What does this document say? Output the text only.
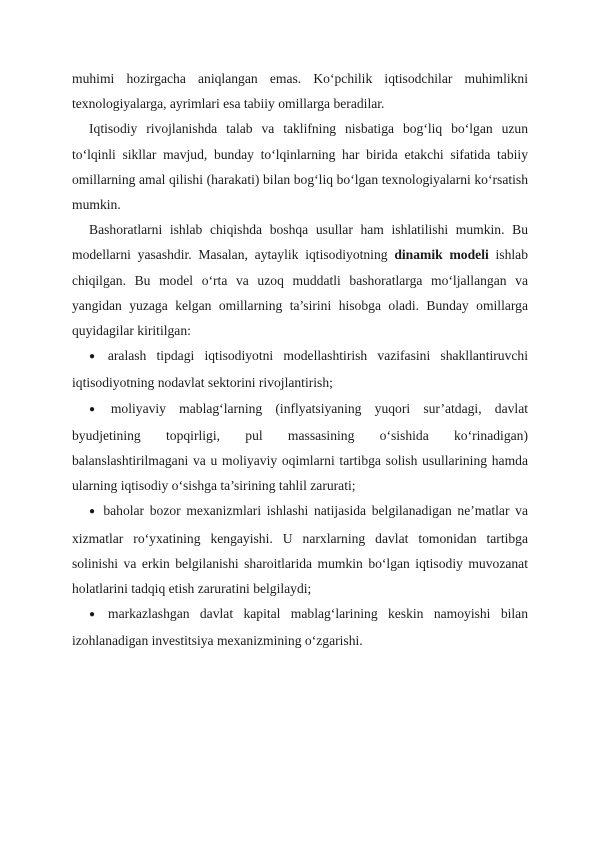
muhimi hozirgacha aniqlangan emas. Ko‘pchilik iqtisodchilar muhimlikni texnologiyalarga, ayrimlari esa tabiiy omillarga beradilar.

Iqtisodiy rivojlanishda talab va taklifning nisbatiga bog‘liq bo‘lgan uzun to‘lqinli sikllar mavjud, bunday to‘lqinlarning har birida etakchi sifatida tabiiy omillarning amal qilishi (harakati) bilan bog‘liq bo‘lgan texnologiyalarni ko‘rsatish mumkin.

Bashoratlarni ishlab chiqishda boshqa usullar ham ishlatilishi mumkin. Bu modellarni yasashdir. Masalan, aytaylik iqtisodiyotning dinamik modeli ishlab chiqilgan. Bu model o‘rta va uzoq muddatli bashoratlarga mo‘ljallangan va yangidan yuzaga kelgan omillarning ta’sirini hisobga oladi. Bunday omillarga quyidagilar kiritilgan:

● aralash tipdagi iqtisodiyotni modellashtirish vazifasini shakllantiruvchi iqtisodiyotning nodavlat sektorini rivojlantirish;

● moliyaviy mablag‘larning (inflyatsiyaning yuqori sur’atdagi, davlat byudjetining topqirligi, pul massasining o‘sishida ko‘rinadigan) balanslashtirilmagani va u moliyaviy oqimlarni tartibga solish usullarining hamda ularning iqtisodiy o‘sishga ta’sirining tahlil zarurati;

● baholar bozor mexanizmlari ishlashi natijasida belgilanadigan ne’matlar va xizmatlar ro‘yxatining kengayishi. U narxlarning davlat tomonidan tartibga solinishi va erkin belgilanishi sharoitlarida mumkin bo‘lgan iqtisodiy muvozanat holatlarini tadqiq etish zaruratini belgilaydi;

● markazlashgan davlat kapital mablag‘larining keskin namoyishi bilan izohlanadigan investitsiya mexanizmining o‘zgarishi.
